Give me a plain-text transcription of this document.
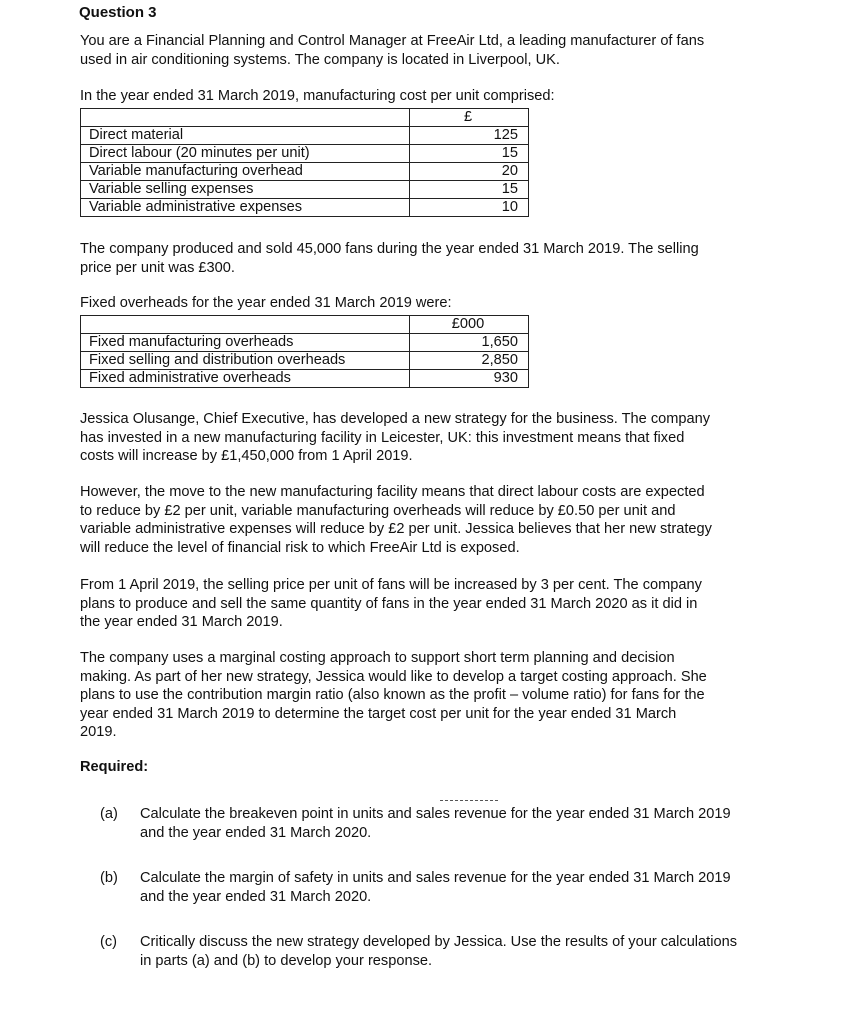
Question 3

You are a Financial Planning and Control Manager at FreeAir Ltd, a leading manufacturer of fans
used in air conditioning systems. The company is located in Liverpool, UK.

In the year ended 31 March 2019, manufacturing cost per unit comprised:

	£
Direct material	125
Direct labour (20 minutes per unit)	15
Variable manufacturing overhead	20
Variable selling expenses	15
Variable administrative expenses	10

The company produced and sold 45,000 fans during the year ended 31 March 2019. The selling
price per unit was £300.

Fixed overheads for the year ended 31 March 2019 were:

	£000
Fixed manufacturing overheads	1,650
Fixed selling and distribution overheads	2,850
Fixed administrative overheads	930

Jessica Olusange, Chief Executive, has developed a new strategy for the business. The company
has invested in a new manufacturing facility in Leicester, UK: this investment means that fixed
costs will increase by £1,450,000 from 1 April 2019.

However, the move to the new manufacturing facility means that direct labour costs are expected
to reduce by £2 per unit, variable manufacturing overheads will reduce by £0.50 per unit and
variable administrative expenses will reduce by £2 per unit. Jessica believes that her new strategy
will reduce the level of financial risk to which FreeAir Ltd is exposed.

From 1 April 2019, the selling price per unit of fans will be increased by 3 per cent. The company
plans to produce and sell the same quantity of fans in the year ended 31 March 2020 as it did in
the year ended 31 March 2019.

The company uses a marginal costing approach to support short term planning and decision
making. As part of her new strategy, Jessica would like to develop a target costing approach. She
plans to use the contribution margin ratio (also known as the profit – volume ratio) for fans for the
year ended 31 March 2019 to determine the target cost per unit for the year ended 31 March
2019.

Required:
(a)	Calculate the breakeven point in units and sales revenue for the year ended 31 March 2019
and the year ended 31 March 2020.
(b)	Calculate the margin of safety in units and sales revenue for the year ended 31 March 2019
and the year ended 31 March 2020.
(c)	Critically discuss the new strategy developed by Jessica. Use the results of your calculations
in parts (a) and (b) to develop your response.
